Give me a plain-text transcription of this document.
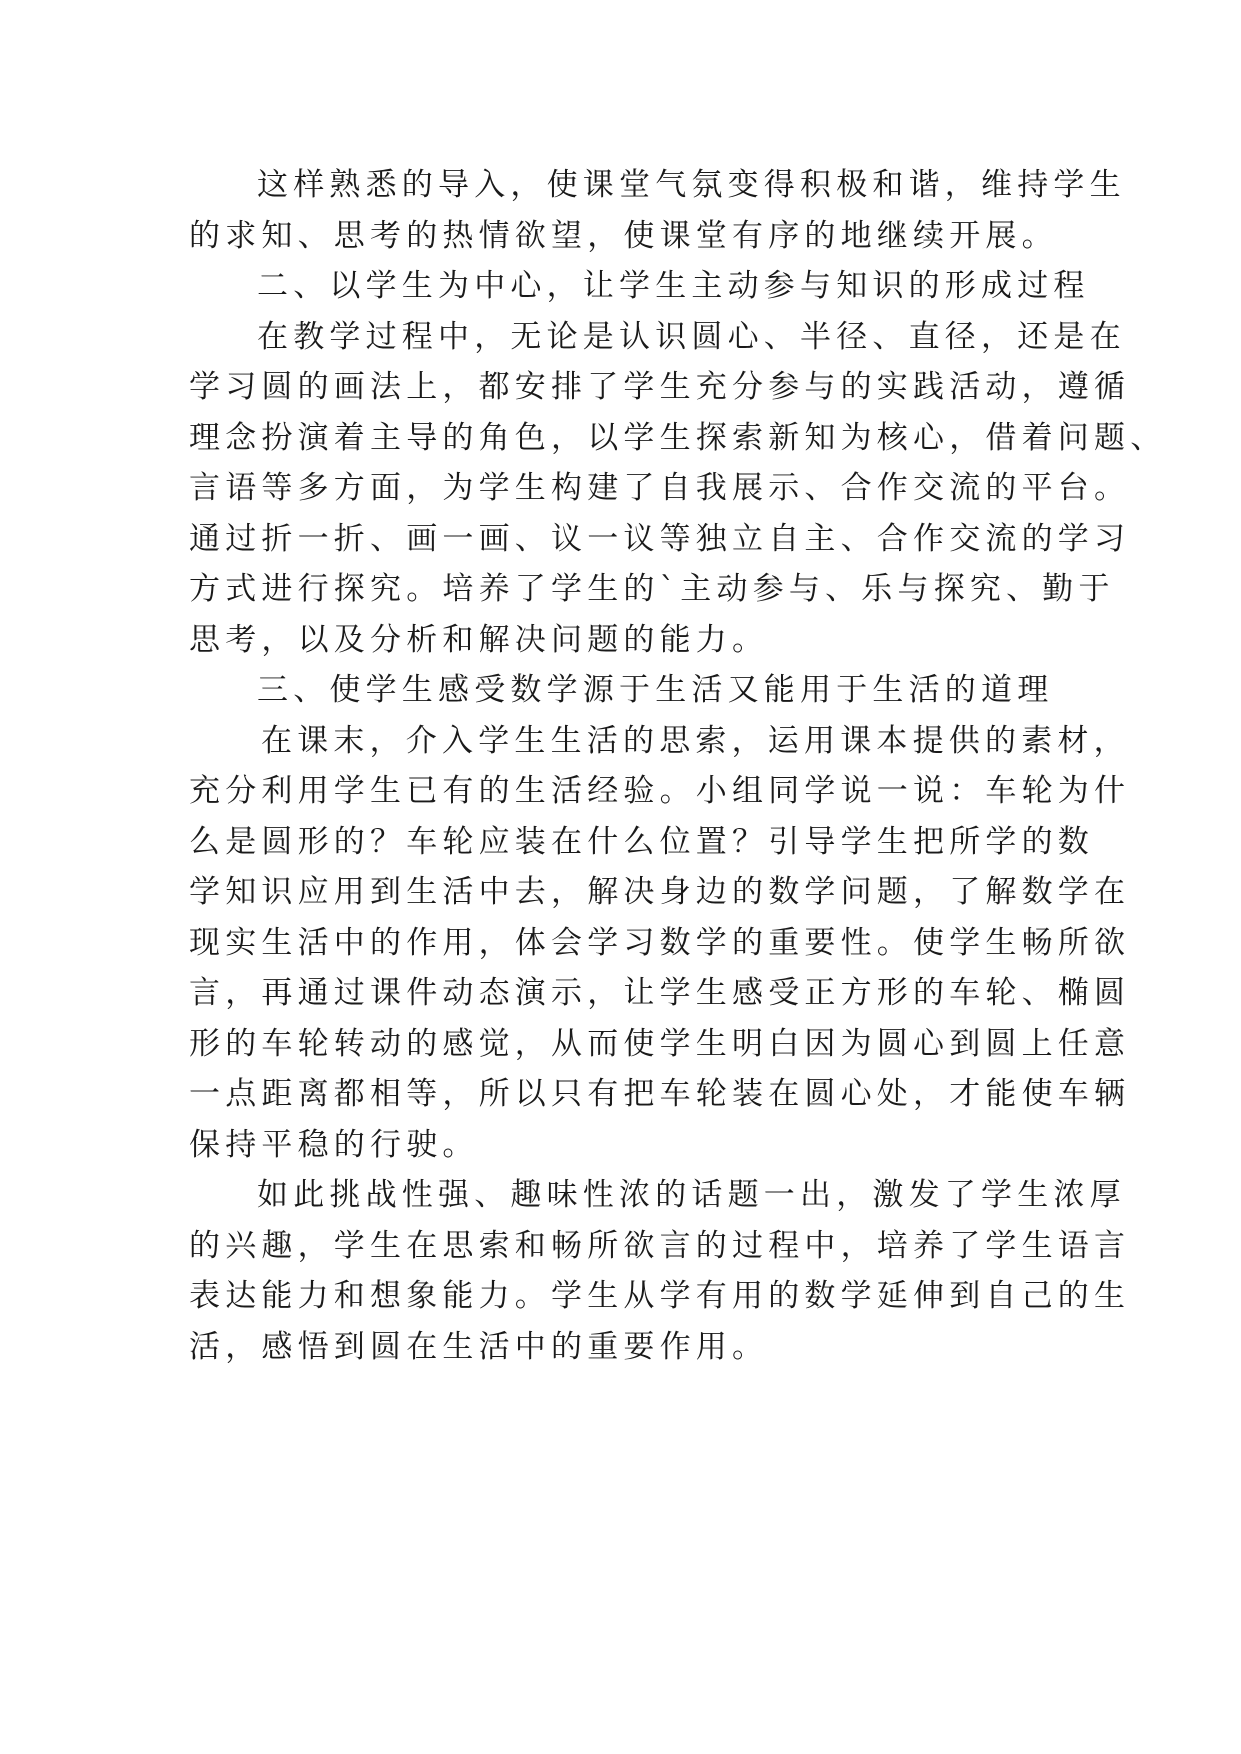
这样熟悉的导入，使课堂气氛变得积极和谐，维持学生
的求知、思考的热情欲望，使课堂有序的地继续开展。
二、以学生为中心，让学生主动参与知识的形成过程
在教学过程中，无论是认识圆心、半径、直径，还是在
学习圆的画法上，都安排了学生充分参与的实践活动，遵循
理念扮演着主导的角色，以学生探索新知为核心，借着问题、
言语等多方面，为学生构建了自我展示、合作交流的平台。
通过折一折、画一画、议一议等独立自主、合作交流的学习
方式进行探究。培养了学生的`主动参与、乐与探究、勤于
思考，以及分析和解决问题的能力。
三、使学生感受数学源于生活又能用于生活的道理
在课末，介入学生生活的思索，运用课本提供的素材，
充分利用学生已有的生活经验。小组同学说一说：车轮为什
么是圆形的？车轮应装在什么位置？引导学生把所学的数
学知识应用到生活中去，解决身边的数学问题，了解数学在
现实生活中的作用，体会学习数学的重要性。使学生畅所欲
言，再通过课件动态演示，让学生感受正方形的车轮、椭圆
形的车轮转动的感觉，从而使学生明白因为圆心到圆上任意
一点距离都相等，所以只有把车轮装在圆心处，才能使车辆
保持平稳的行驶。
如此挑战性强、趣味性浓的话题一出，激发了学生浓厚
的兴趣，学生在思索和畅所欲言的过程中，培养了学生语言
表达能力和想象能力。学生从学有用的数学延伸到自己的生
活，感悟到圆在生活中的重要作用。
